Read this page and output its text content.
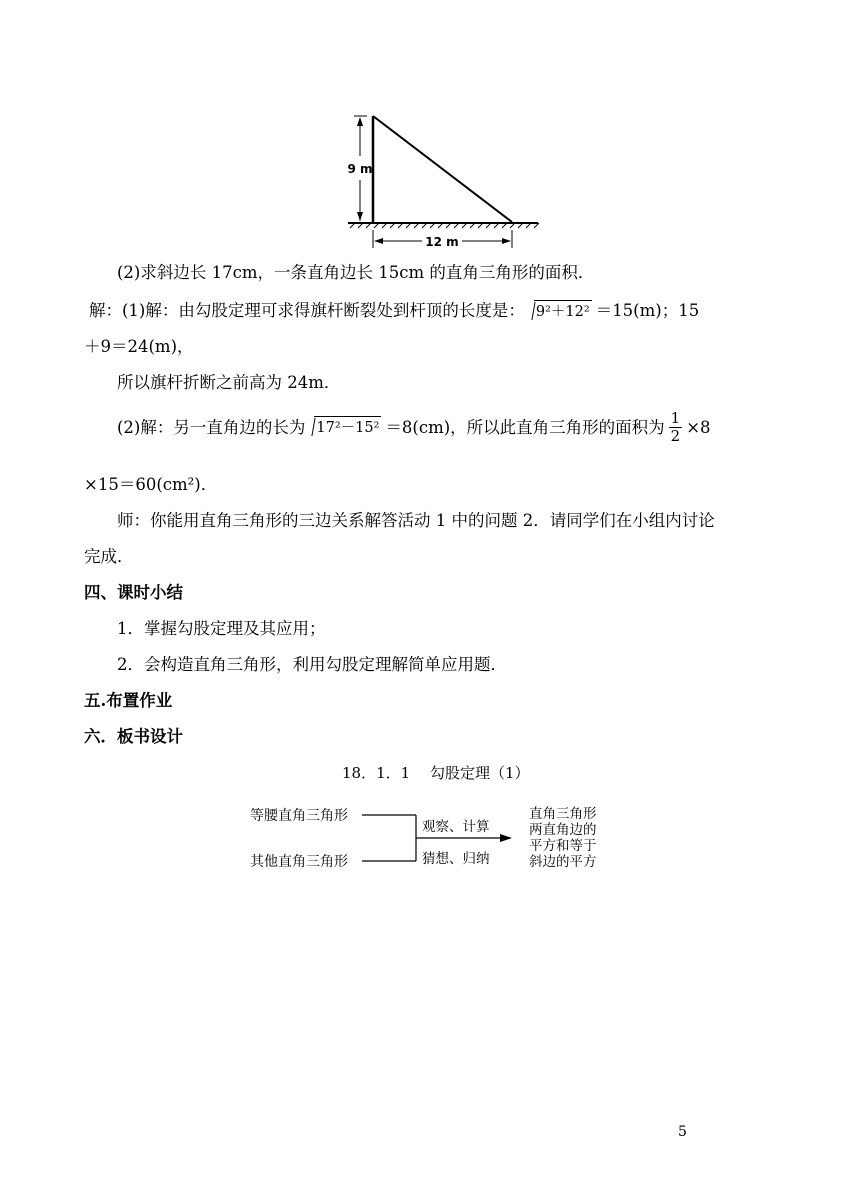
9 m
12 m
(2)求斜边长 17cm，一条直角边长 15cm 的直角三角形的面积．
解：(1)解：由勾股定理可求得旗杆断裂处到杆顶的长度是： 9²＋12² ＝15(m)；15
＋9＝24(m)，
所以旗杆折断之前高为 24m．
(2)解：另一直角边的长为 17²－15² ＝8(cm)，所以此直角三角形的面积为 $\frac{1}{2} \times 8$
×15＝60(cm²)．
师：你能用直角三角形的三边关系解答活动 1 中的问题 2．请同学们在小组内讨论
完成．
四、课时小结
1．掌握勾股定理及其应用；
2．会构造直角三角形，利用勾股定理解简单应用题．
五.布置作业
六．板书设计
18．1．1　 勾股定理（1）
等腰直角三角形
其他直角三角形
观察、计算
猜想、归纳
直角三角形
两直角边的
平方和等于
斜边的平方
5
